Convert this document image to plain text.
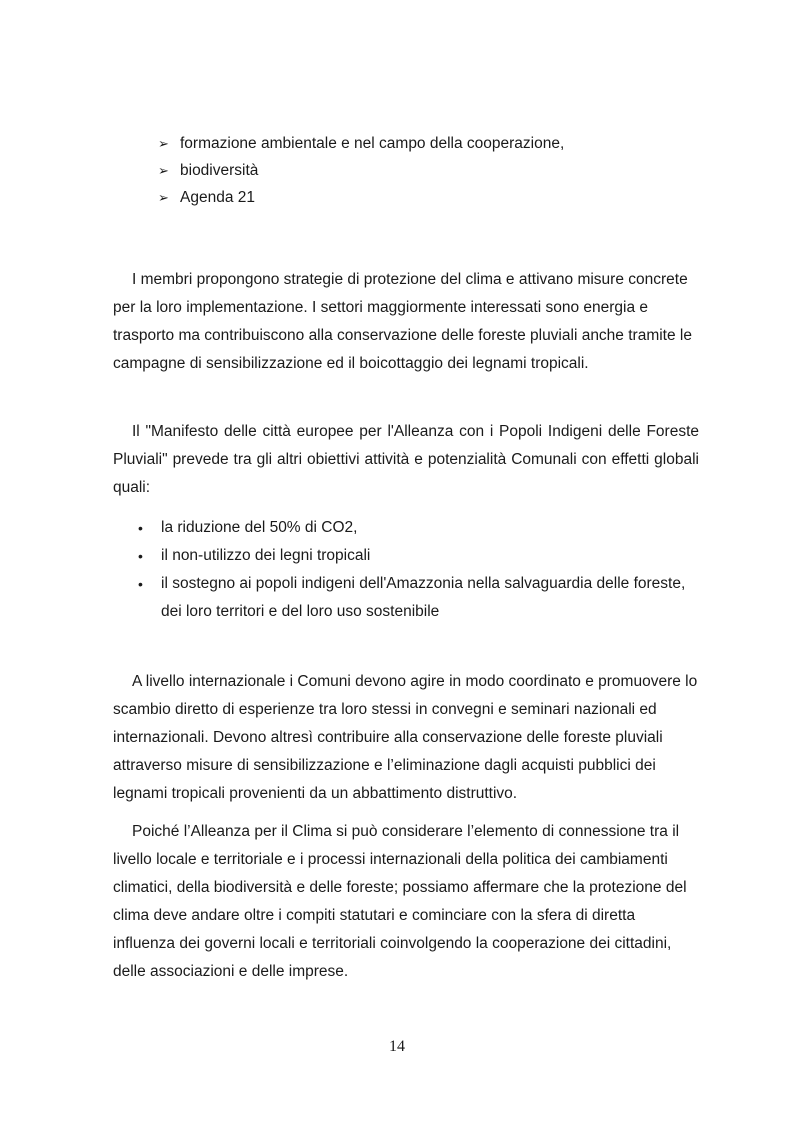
➢ formazione ambientale e nel campo della cooperazione,
➢ biodiversità
➢ Agenda 21

I membri propongono strategie di protezione del clima e attivano misure concrete per la loro implementazione. I settori maggiormente interessati sono energia e trasporto ma contribuiscono alla conservazione delle foreste pluviali anche tramite le campagne di sensibilizzazione ed il boicottaggio dei legnami tropicali.

Il "Manifesto delle città europee per l'Alleanza con i Popoli Indigeni delle Foreste Pluviali" prevede tra gli altri obiettivi attività e potenzialità Comunali con effetti globali quali:

• la riduzione del 50% di CO2,
• il non-utilizzo dei legni tropicali
• il sostegno ai popoli indigeni dell'Amazzonia nella salvaguardia delle foreste, dei loro territori e del loro uso sostenibile

A livello internazionale i Comuni devono agire in modo coordinato e promuovere lo scambio diretto di esperienze tra loro stessi in convegni e seminari nazionali ed internazionali. Devono altresì contribuire alla conservazione delle foreste pluviali attraverso misure di sensibilizzazione e l’eliminazione dagli acquisti pubblici dei legnami tropicali provenienti da un abbattimento distruttivo.

Poiché l’Alleanza per il Clima si può considerare l’elemento di connessione tra il livello locale e territoriale e i processi internazionali della politica dei cambiamenti climatici, della biodiversità e delle foreste; possiamo affermare che la protezione del clima deve andare oltre i compiti statutari e cominciare con la sfera di diretta influenza dei governi locali e territoriali coinvolgendo la cooperazione dei cittadini, delle associazioni e delle imprese.

14
